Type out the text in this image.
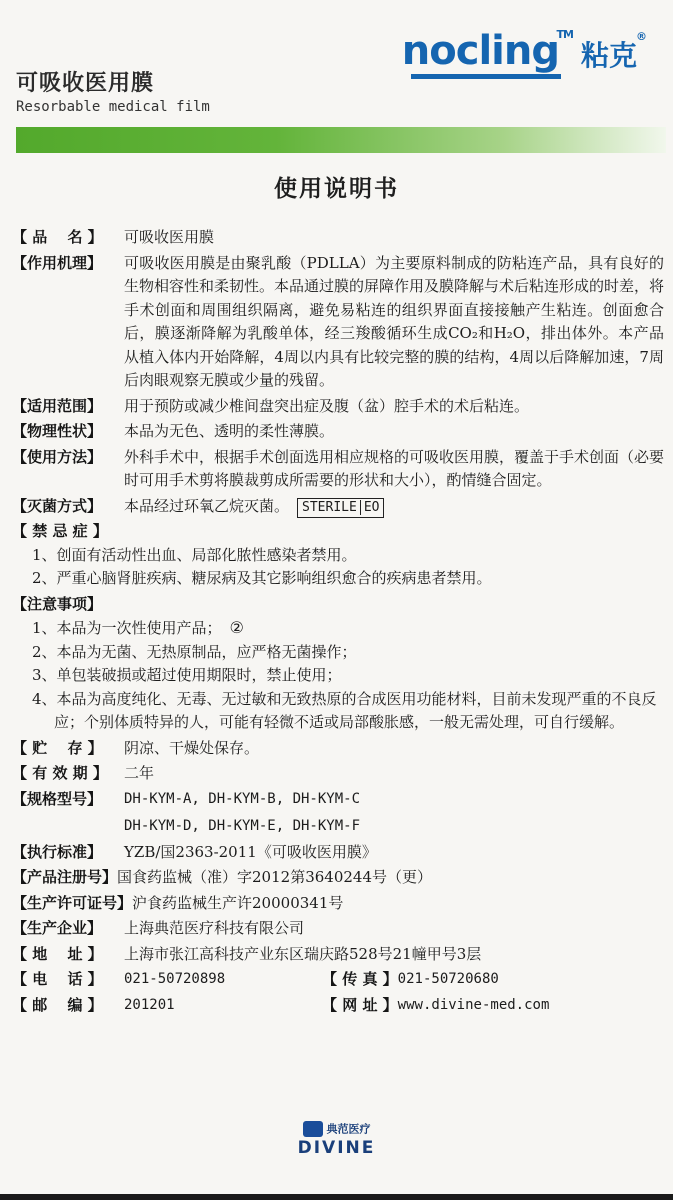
nocling
TM
粘克
®
可吸收医用膜
Resorbable medical film
使用说明书
【 品　 名 】	可吸收医用膜
【作用机理】	可吸收医用膜是由聚乳酸（PDLLA）为主要原料制成的防粘连产品，具有良好的生物相容性和柔韧性。本品通过膜的屏障作用及膜降解与术后粘连形成的时差，将手术创面和周围组织隔离，避免易粘连的组织界面直接接触产生粘连。创面愈合后，膜逐渐降解为乳酸单体，经三羧酸循环生成CO₂和H₂O，排出体外。本产品从植入体内开始降解，4周以内具有比较完整的膜的结构，4周以后降解加速，7周后肉眼观察无膜或少量的残留。
【适用范围】	用于预防或减少椎间盘突出症及腹（盆）腔手术的术后粘连。
【物理性状】	本品为无色、透明的柔性薄膜。
【使用方法】	外科手术中，根据手术创面选用相应规格的可吸收医用膜，覆盖于手术创面（必要时可用手术剪将膜裁剪成所需要的形状和大小），酌情缝合固定。
【灭菌方式】	本品经过环氧乙烷灭菌。 STERILE EO
【 禁 忌 症 】
1、创面有活动性出血、局部化脓性感染者禁用。
2、严重心脑肾脏疾病、糖尿病及其它影响组织愈合的疾病患者禁用。
【注意事项】
1、本品为一次性使用产品； ②
2、本品为无菌、无热原制品，应严格无菌操作；
3、单包装破损或超过使用期限时，禁止使用；
4、本品为高度纯化、无毒、无过敏和无致热原的合成医用功能材料，目前未发现严重的不良反应；个别体质特异的人，可能有轻微不适或局部酸胀感，一般无需处理，可自行缓解。
【 贮　 存 】	阴凉、干燥处保存。
【 有 效 期 】	二年
【规格型号】	DH-KYM-A, DH-KYM-B, DH-KYM-C
DH-KYM-D, DH-KYM-E, DH-KYM-F
【执行标准】	YZB/国2363-2011《可吸收医用膜》
【产品注册号】 国食药监械（准）字2012第3640244号（更）
【生产许可证号】 沪食药监械生产许20000341号
【生产企业】	上海典范医疗科技有限公司
【 地　 址 】	上海市张江高科技产业东区瑞庆路528号21幢甲号3层
【 电　 话 】	021-50720898	【 传 真 】 021-50720680
【 邮　 编 】	201201	【 网 址 】 www.divine-med.com
典范医疗
DIVINE
